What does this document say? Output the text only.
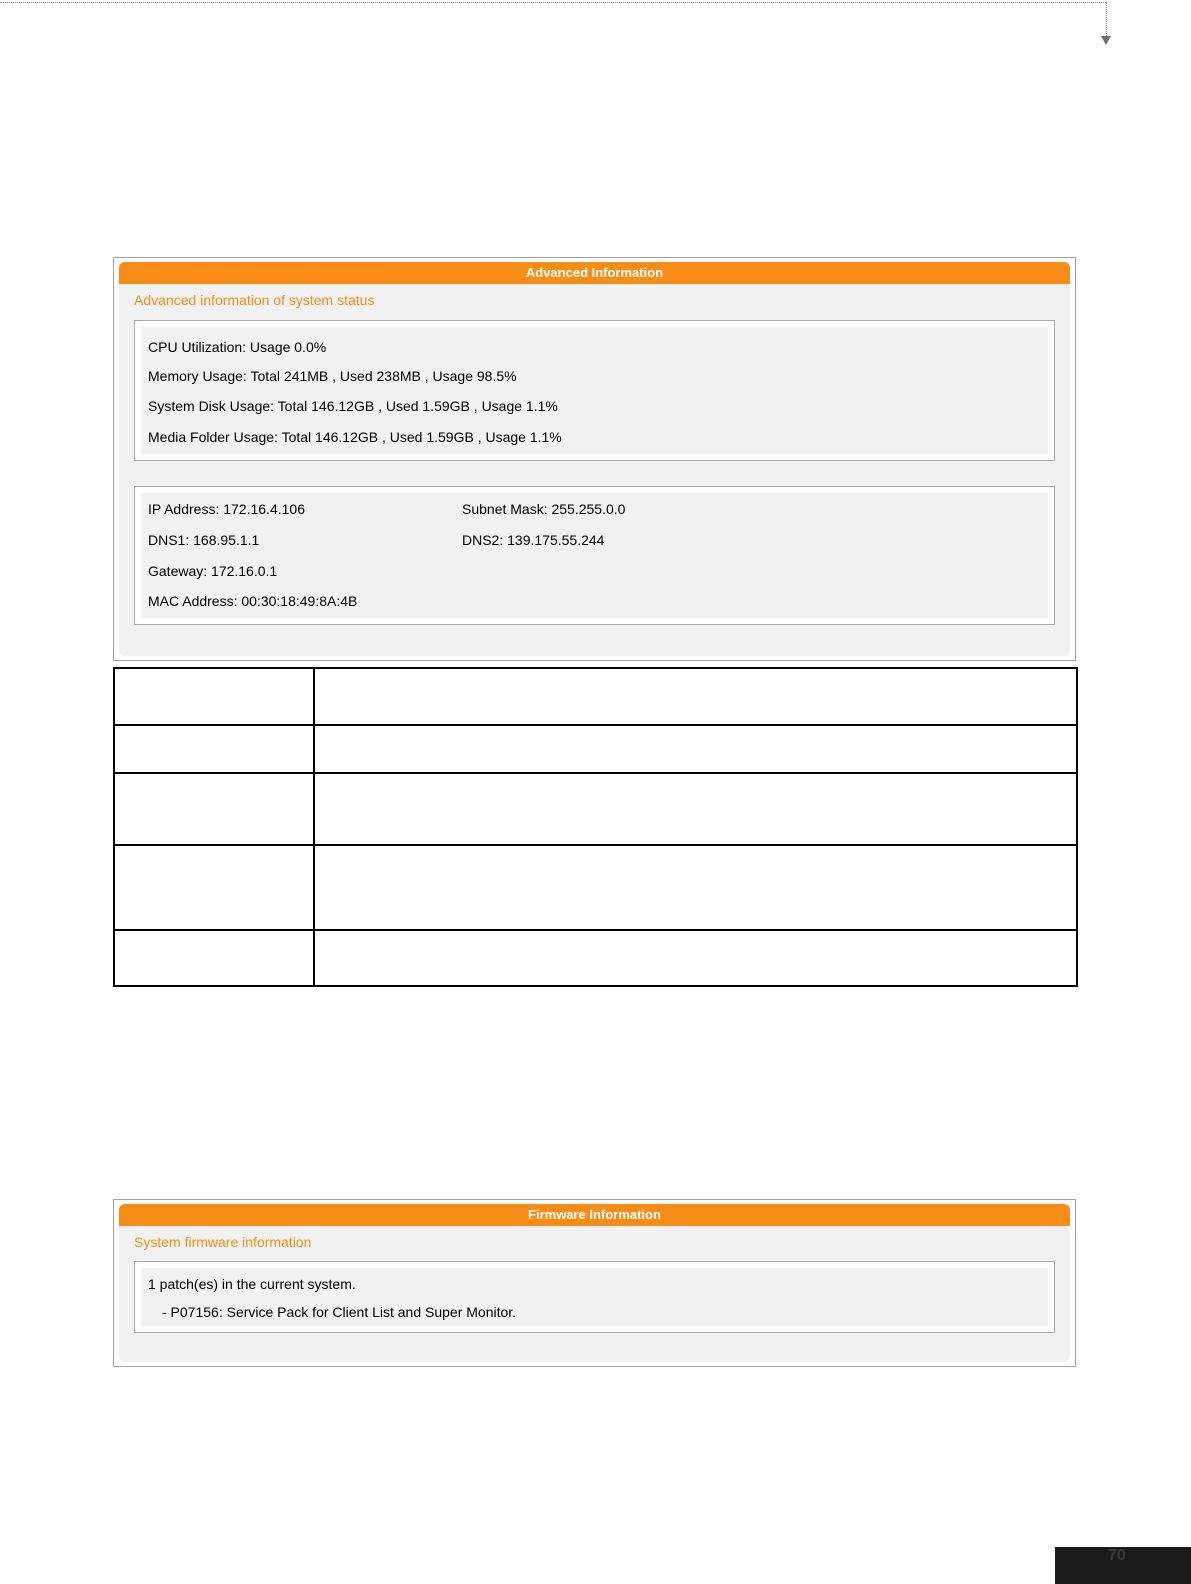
Advanced Information
Advanced information of system status
CPU Utilization: Usage 0.0%
Memory Usage: Total 241MB , Used 238MB , Usage 98.5%
System Disk Usage: Total 146.12GB , Used 1.59GB , Usage 1.1%
Media Folder Usage: Total 146.12GB , Used 1.59GB , Usage 1.1%
IP Address: 172.16.4.106	Subnet Mask: 255.255.0.0
DNS1: 168.95.1.1	DNS2: 139.175.55.244
Gateway: 172.16.0.1
MAC Address: 00:30:18:49:8A:4B
Firmware Information
System firmware information
1 patch(es) in the current system.
- P07156: Service Pack for Client List and Super Monitor.
70
